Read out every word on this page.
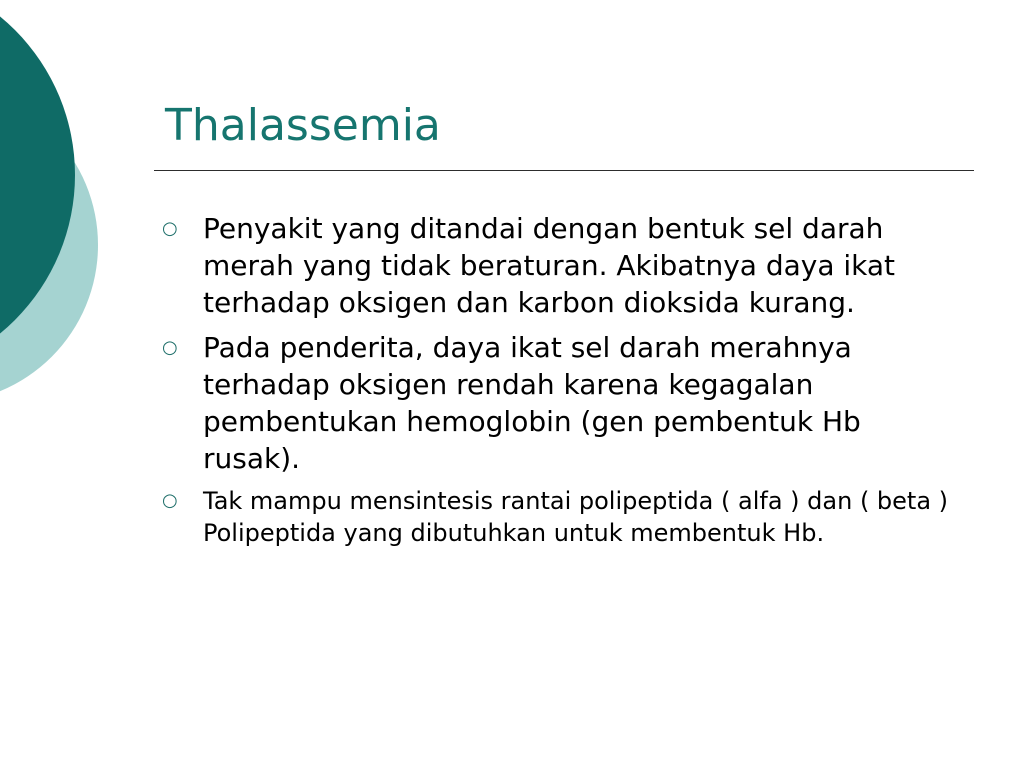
Thalassemia
○ Penyakit yang ditandai dengan bentuk sel darah merah yang tidak beraturan. Akibatnya daya ikat terhadap oksigen dan karbon dioksida kurang.
○ Pada penderita, daya ikat sel darah merahnya terhadap oksigen rendah karena kegagalan pembentukan hemoglobin (gen pembentuk Hb rusak).
○	Tak mampu mensintesis rantai polipeptida ( alfa ) dan ( beta ) Polipeptida yang dibutuhkan untuk membentuk Hb.
